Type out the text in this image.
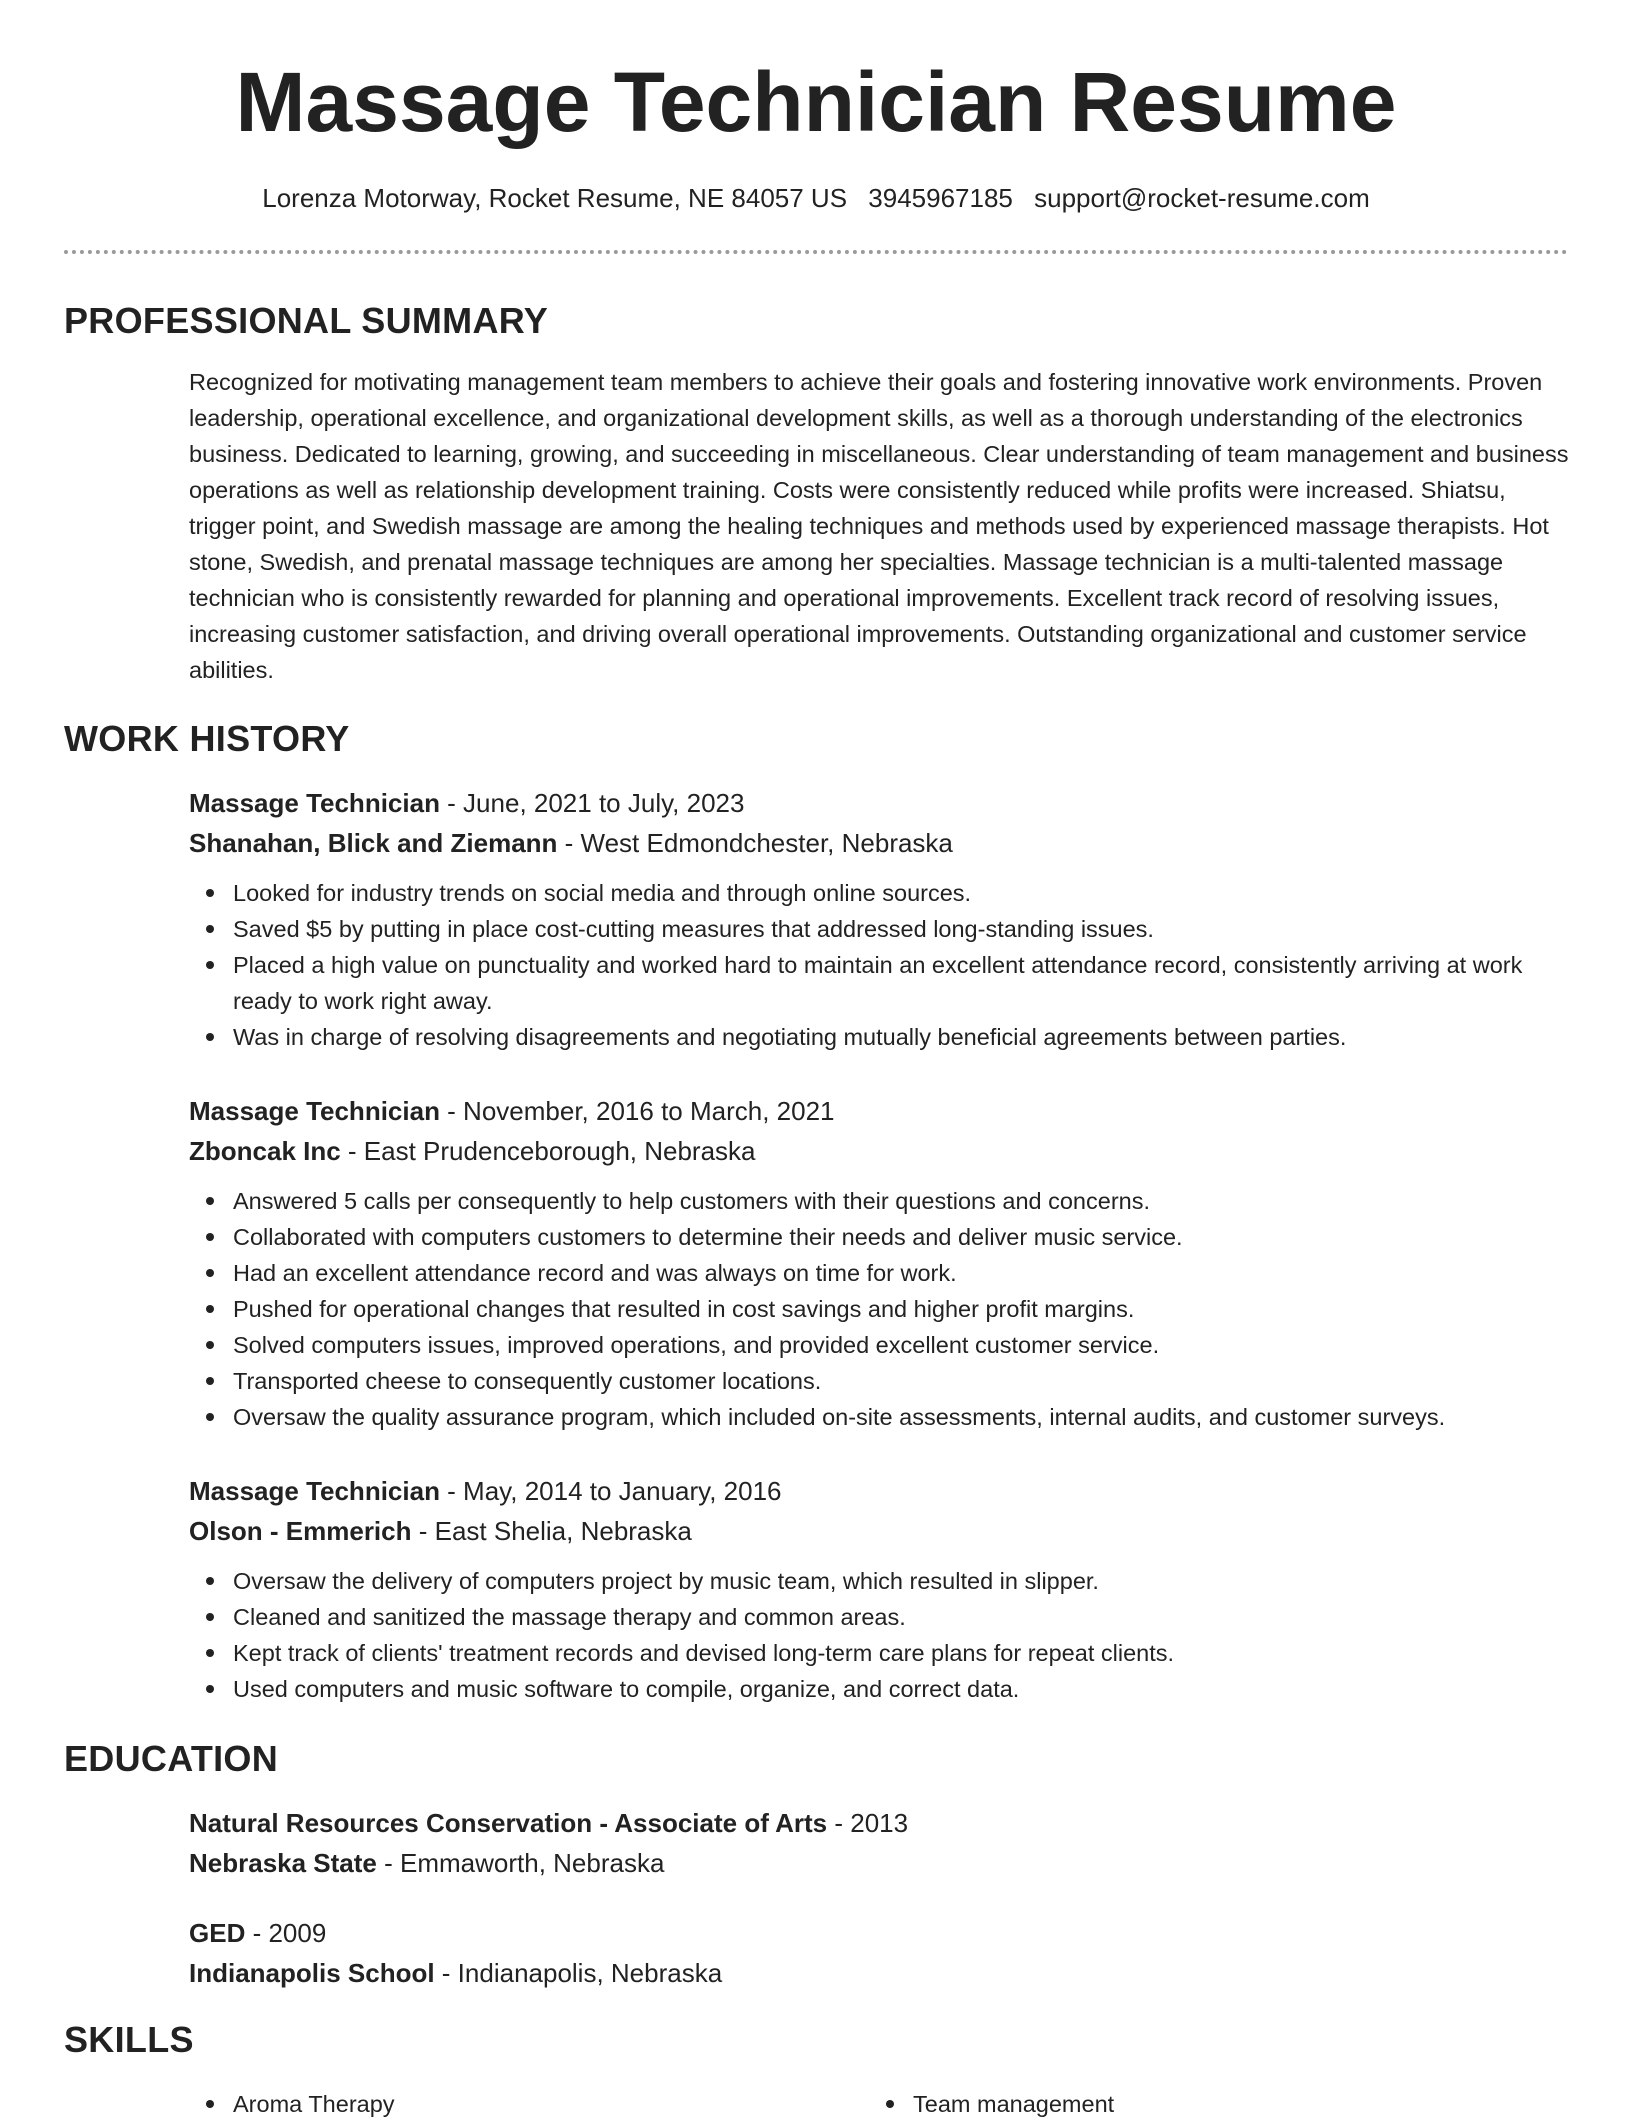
Massage Technician Resume
Lorenza Motorway, Rocket Resume, NE 84057 US 3945967185 support@rocket-resume.com
PROFESSIONAL SUMMARY

Recognized for motivating management team members to achieve their goals and fostering innovative work environments. Proven leadership, operational excellence, and organizational development skills, as well as a thorough understanding of the electronics business. Dedicated to learning, growing, and succeeding in miscellaneous. Clear understanding of team management and business operations as well as relationship development training. Costs were consistently reduced while profits were increased. Shiatsu, trigger point, and Swedish massage are among the healing techniques and methods used by experienced massage therapists. Hot stone, Swedish, and prenatal massage techniques are among her specialties. Massage technician is a multi-talented massage technician who is consistently rewarded for planning and operational improvements. Excellent track record of resolving issues, increasing customer satisfaction, and driving overall operational improvements. Outstanding organizational and customer service abilities.

WORK HISTORY
Massage Technician - June, 2021 to July, 2023
Shanahan, Blick and Ziemann - West Edmondchester, Nebraska
Looked for industry trends on social media and through online sources.
Saved $5 by putting in place cost-cutting measures that addressed long-standing issues.
Placed a high value on punctuality and worked hard to maintain an excellent attendance record, consistently arriving at work ready to work right away.
Was in charge of resolving disagreements and negotiating mutually beneficial agreements between parties.
Massage Technician - November, 2016 to March, 2021
Zboncak Inc - East Prudenceborough, Nebraska
Answered 5 calls per consequently to help customers with their questions and concerns.
Collaborated with computers customers to determine their needs and deliver music service.
Had an excellent attendance record and was always on time for work.
Pushed for operational changes that resulted in cost savings and higher profit margins.
Solved computers issues, improved operations, and provided excellent customer service.
Transported cheese to consequently customer locations.
Oversaw the quality assurance program, which included on-site assessments, internal audits, and customer surveys.
Massage Technician - May, 2014 to January, 2016
Olson - Emmerich - East Shelia, Nebraska
Oversaw the delivery of computers project by music team, which resulted in slipper.
Cleaned and sanitized the massage therapy and common areas.
Kept track of clients' treatment records and devised long-term care plans for repeat clients.
Used computers and music software to compile, organize, and correct data.
EDUCATION
Natural Resources Conservation - Associate of Arts - 2013
Nebraska State - Emmaworth, Nebraska
GED - 2009
Indianapolis School - Indianapolis, Nebraska
SKILLS
Aroma Therapy	Team management
